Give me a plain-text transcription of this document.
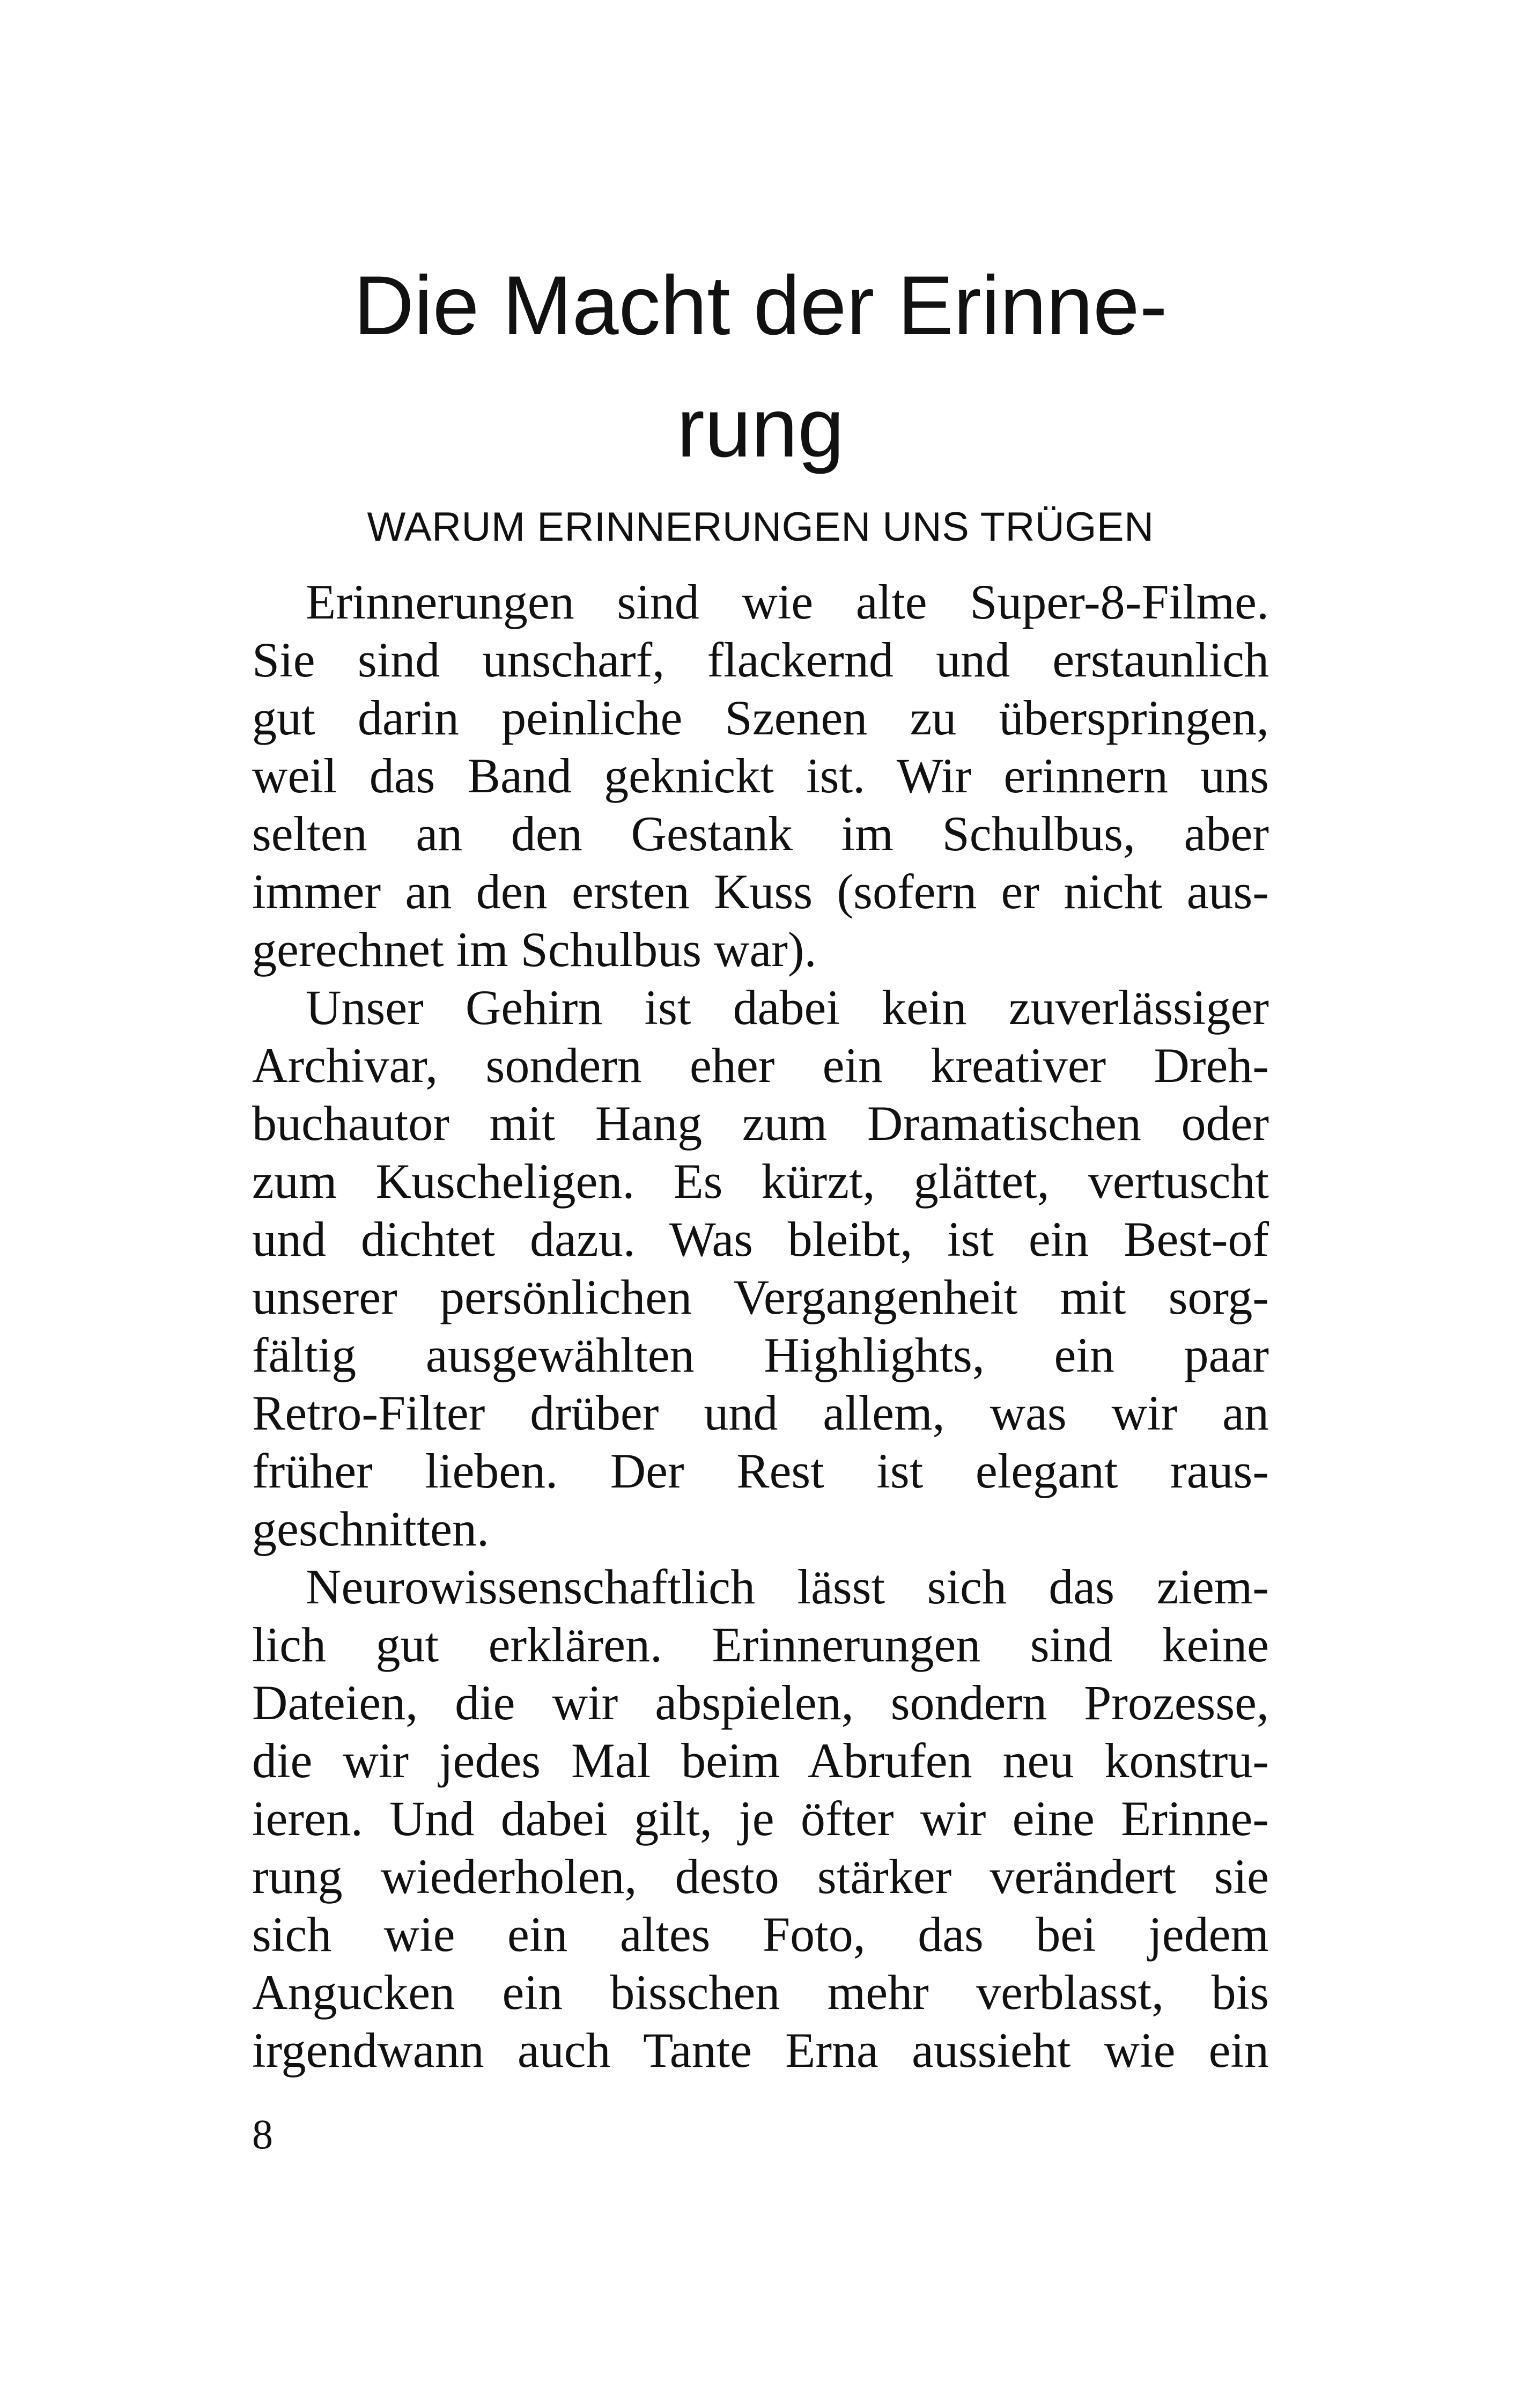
Die Macht der Erinne-
rung
WARUM ERINNERUNGEN UNS TRÜGEN
Erinnerungen sind wie alte Super-8-Filme.
Sie sind unscharf, flackernd und erstaunlich
gut darin peinliche Szenen zu überspringen,
weil das Band geknickt ist. Wir erinnern uns
selten an den Gestank im Schulbus, aber
immer an den ersten Kuss (sofern er nicht aus-
gerechnet im Schulbus war).
Unser Gehirn ist dabei kein zuverlässiger
Archivar, sondern eher ein kreativer Dreh-
buchautor mit Hang zum Dramatischen oder
zum Kuscheligen. Es kürzt, glättet, vertuscht
und dichtet dazu. Was bleibt, ist ein Best-of
unserer persönlichen Vergangenheit mit sorg-
fältig ausgewählten Highlights, ein paar
Retro-Filter drüber und allem, was wir an
früher lieben. Der Rest ist elegant raus-
geschnitten.
Neurowissenschaftlich lässt sich das ziem-
lich gut erklären. Erinnerungen sind keine
Dateien, die wir abspielen, sondern Prozesse,
die wir jedes Mal beim Abrufen neu konstru-
ieren. Und dabei gilt, je öfter wir eine Erinne-
rung wiederholen, desto stärker verändert sie
sich wie ein altes Foto, das bei jedem
Angucken ein bisschen mehr verblasst, bis
irgendwann auch Tante Erna aussieht wie ein
8
